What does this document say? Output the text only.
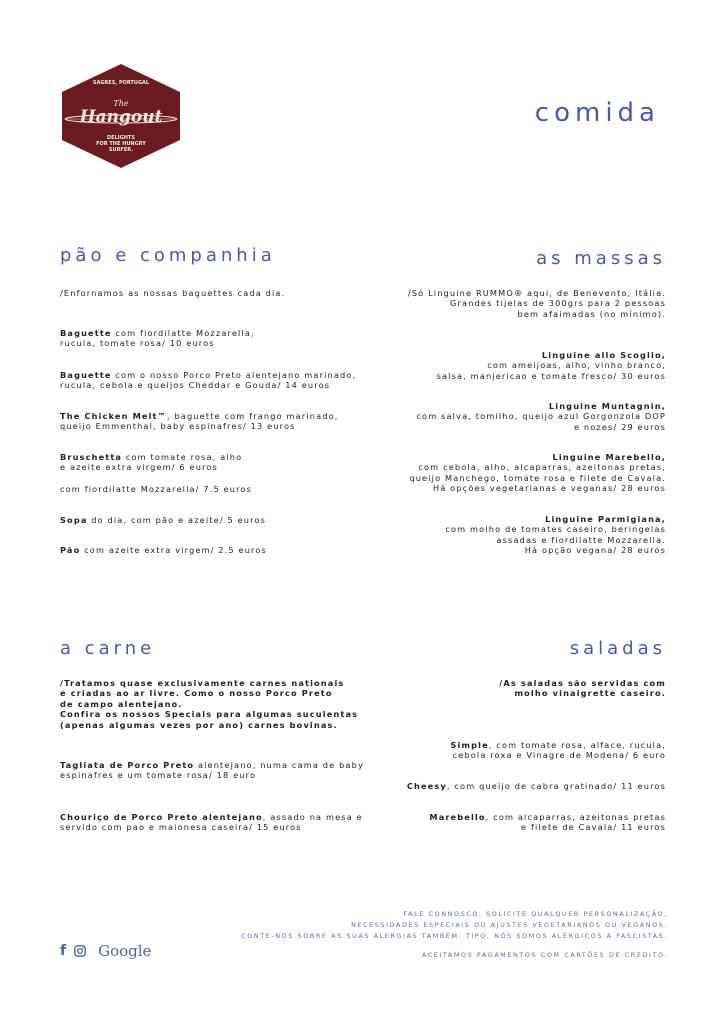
SAGRES, PORTUGAL
The
Hangout
DELIGHTS
FOR THE HUNGRY
SURFER.
comida
pão e companhia
/Enfornamos as nossas baguettes cada dia.
Baguette com fiordilatte Mozzarella,
rucula, tomate rosa/ 10 euros
Baguette com o nosso Porco Preto alentejano marinado,
rucula, cebola e queijos Cheddar e Gouda/ 14 euros
The Chicken Melt™, baguette com frango marinado,
queijo Emmenthal, baby espinafres/ 13 euros
Bruschetta com tomate rosa, alho
e azeite extra virgem/ 6 euros
com fiordilatte Mozzarella/ 7.5 euros
Sopa do dia, com pão e azeite/ 5 euros
Pão com azeite extra virgem/ 2.5 euros
as massas
/Só Linguine RUMMO® aqui, de Benevento, Itália.
Grandes tijelas de 300grs para 2 pessoas
bem afaimadas (no mínimo).
Linguine allo Scoglio,
com ameijoas, alho, vinho branco,
salsa, manjericao e tomate fresco/ 30 euros
Linguine Muntagnin,
com salva, tomilho, queijo azul Gorgonzola DOP
e nozes/ 29 euros
Linguine Marebello,
com cebola, alho, alcaparras, azeitonas pretas,
queijo Manchego, tomate rosa e filete de Cavala.
Há opções vegetarianas e veganas/ 28 euros
Linguine Parmigiana,
com molho de tomates caseiro, beringelas
assadas e fiordilatte Mozzarella.
Há opção vegana/ 28 euros
a carne
/Tratamos quase exclusivamente carnes nationais
e criadas ao ar livre. Como o nosso Porco Preto
de campo alentejano.
Confira os nossos Specials para algumas suculentas
(apenas algumas vezes por ano) carnes bovinas.
Tagliata de Porco Preto alentejano, numa cama de baby
espinafres e um tomate rosa/ 18 euro
Chouriço de Porco Preto alentejano, assado na mesa e
servido com pao e maionesa caseira/ 15 euros
saladas
/As saladas são servidas com
molho vinaigrette caseiro.
Simple, com tomate rosa, alface, rucula,
cebola roxa e Vinagre de Modena/ 6 euro
Cheesy, com queijo de cabra gratinado/ 11 euros
Marebello, com alcaparras, azeitonas pretas
e filete de Cavala/ 11 euros
FALE CONNOSCO. SOLICITE QUALQUER PERSONALIZAÇÃO,
NECESSIDADES ESPECIAIS OU AJUSTES VEGETARIANOS OU VEGANOS.
CONTE-NOS SOBRE AS SUAS ALERGIAS TAMBÉM. TIPO, NÓS SOMOS ALÉRGICOS A FASCISTAS.
ACEITAMOS PAGAMENTOS COM CARTÕES DE CREDITO.
f Google
